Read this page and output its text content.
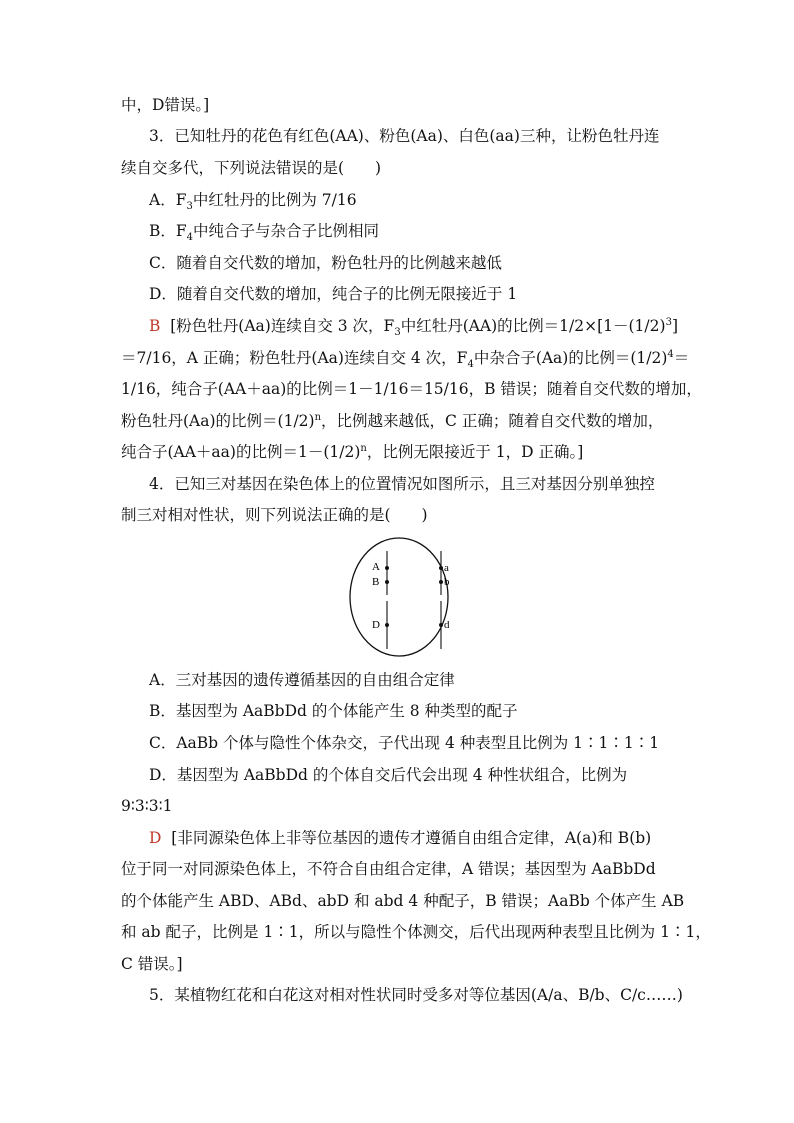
中，D错误。]
3．已知牡丹的花色有红色(AA)、粉色(Aa)、白色(aa)三种，让粉色牡丹连
续自交多代，下列说法错误的是(　　)
A．$F_3$中红牡丹的比例为 7/16
B．$F_4$中纯合子与杂合子比例相同
C．随着自交代数的增加，粉色牡丹的比例越来越低
D．随着自交代数的增加，纯合子的比例无限接近于 1
B [粉色牡丹(Aa)连续自交 3 次，$F_3$中红牡丹(AA)的比例$=1/2\times[1-(1/2)^3]$
＝7/16，A 正确；粉色牡丹(Aa)连续自交 4 次，$F_4$中杂合子(Aa)的比例$=(1/2)^4=$
1/16，纯合子(AA＋aa)的比例＝1－1/16＝15/16，B 错误；随着自交代数的增加，
粉色牡丹(Aa)的比例$=(1/2)^n$，比例越来越低，C 正确；随着自交代数的增加，
纯合子(AA＋aa)的比例$=1-(1/2)^n$，比例无限接近于 1，D 正确。]
4．已知三对基因在染色体上的位置情况如图所示，且三对基因分别单独控
制三对相对性状，则下列说法正确的是(　　)
A
B
D
a
b
d
A．三对基因的遗传遵循基因的自由组合定律
B．基因型为 AaBbDd 的个体能产生 8 种类型的配子
C．AaBb 个体与隐性个体杂交，子代出现 4 种表型且比例为 1∶1∶1∶1
D．基因型为 AaBbDd 的个体自交后代会出现 4 种性状组合，比例为
9∶3∶3∶1
D [非同源染色体上非等位基因的遗传才遵循自由组合定律，A(a)和 B(b)
位于同一对同源染色体上，不符合自由组合定律，A 错误；基因型为 AaBbDd
的个体能产生 ABD、ABd、abD 和 abd 4 种配子，B 错误；AaBb 个体产生 AB
和 ab 配子，比例是 1∶1，所以与隐性个体测交，后代出现两种表型且比例为 1∶1，
C 错误。]
5．某植物红花和白花这对相对性状同时受多对等位基因(A/a、B/b、C/c……)
